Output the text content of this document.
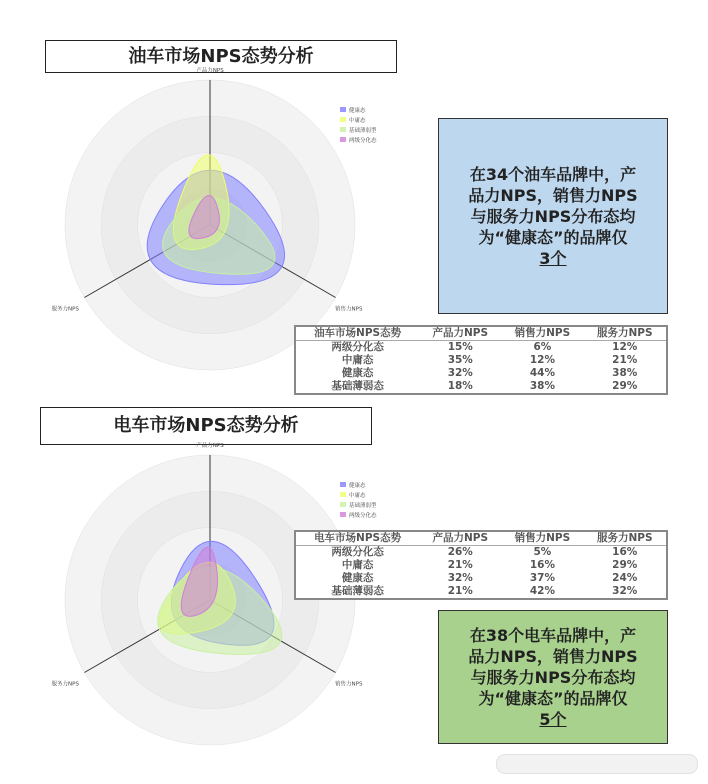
油车市场NPS态势分析
产品力NPS
销售力NPS
服务力NPS
健康态
中庸态
基础薄弱型
两级分化态
在34个油车品牌中，产
品力NPS，销售力NPS
与服务力NPS分布态均
为“健康态”的品牌仅
3个
油车市场NPS态势	产品力NPS	销售力NPS	服务力NPS
两级分化态	15%	6%	12%
中庸态	35%	12%	21%
健康态	32%	44%	38%
基础薄弱态	18%	38%	29%
电车市场NPS态势分析
产品力NPS
销售力NPS
服务力NPS
健康态
中庸态
基础薄弱型
两级分化态
电车市场NPS态势	产品力NPS	销售力NPS	服务力NPS
两级分化态	26%	5%	16%
中庸态	21%	16%	29%
健康态	32%	37%	24%
基础薄弱态	21%	42%	32%
在38个电车品牌中，产
品力NPS，销售力NPS
与服务力NPS分布态均
为“健康态”的品牌仅
5个
